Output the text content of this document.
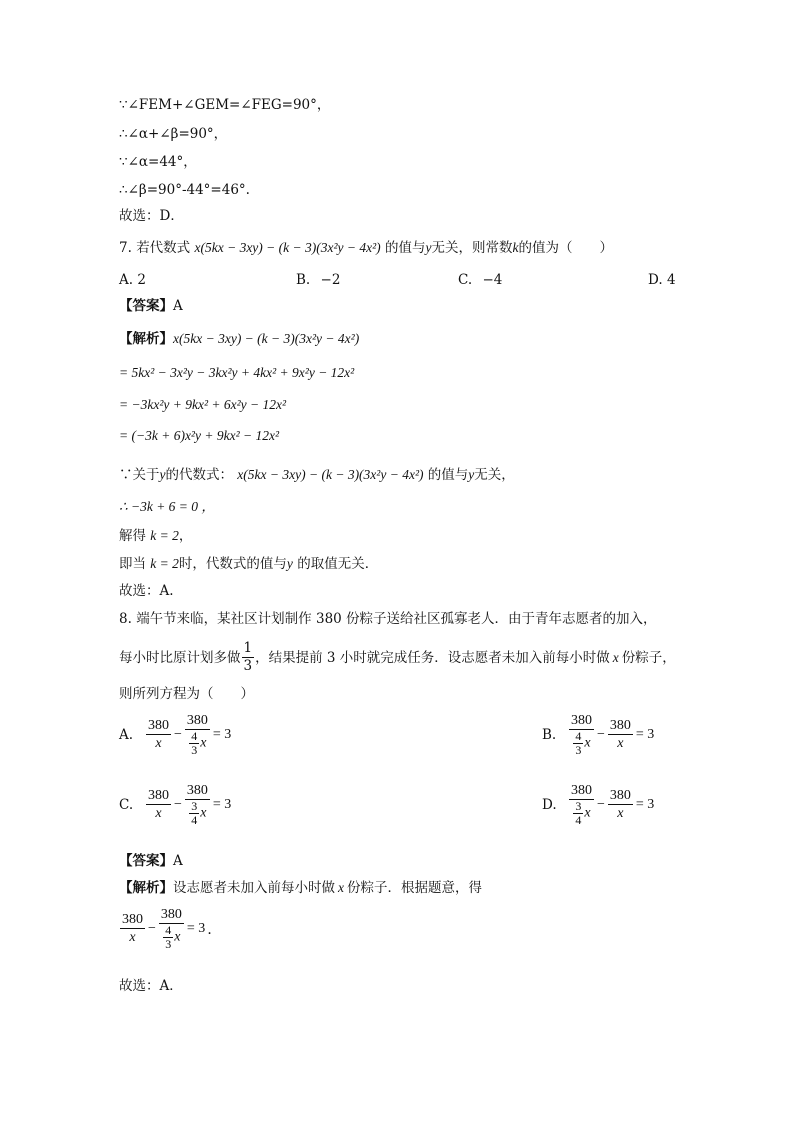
∵∠FEM+∠GEM=∠FEG=90°，
∴∠α+∠β=90°，
∵∠α=44°，
∴∠β=90°-44°=46°.
故选：D．
7. 若代数式 x(5kx − 3xy) − (k − 3)(3x²y − 4x²) 的值与y无关，则常数k的值为（　　）
A. 2	B. −2	C. −4	D. 4
【答案】A
【解析】x(5kx − 3xy) − (k − 3)(3x²y − 4x²)
= 5kx² − 3x²y − 3kx²y + 4kx² + 9x²y − 12x²
= −3kx²y + 9kx² + 6x²y − 12x²
= (−3k + 6)x²y + 9kx² − 12x²
∵关于y的代数式： x(5kx − 3xy) − (k − 3)(3x²y − 4x²) 的值与y无关，
∴ −3k + 6 = 0 ，
解得 k = 2，
即当 k = 2时，代数式的值与y 的取值无关．
故选：A.
8. 端午节来临，某社区计划制作 380 份粽子送给社区孤寡老人．由于青年志愿者的加入，
每小时比原计划多做 $\frac{1}{3}$ ，结果提前 3 小时就完成任务．设志愿者未加入前每小时做 x 份粽子，
则所列方程为（　　）
A. $\frac{380}{x} - \frac{380}{\frac{4}{3} x} = 3$	B. $\frac{380}{\frac{4}{3} x} - \frac{380}{x} = 3$
C. $\frac{380}{x} - \frac{380}{\frac{3}{4} x} = 3$	D. $\frac{380}{\frac{3}{4} x} - \frac{380}{x} = 3$
【答案】A
【解析】设志愿者未加入前每小时做 x 份粽子．根据题意，得
$\frac{380}{x} - \frac{380}{\frac{4}{3} x} = 3$ ．
故选：A．
